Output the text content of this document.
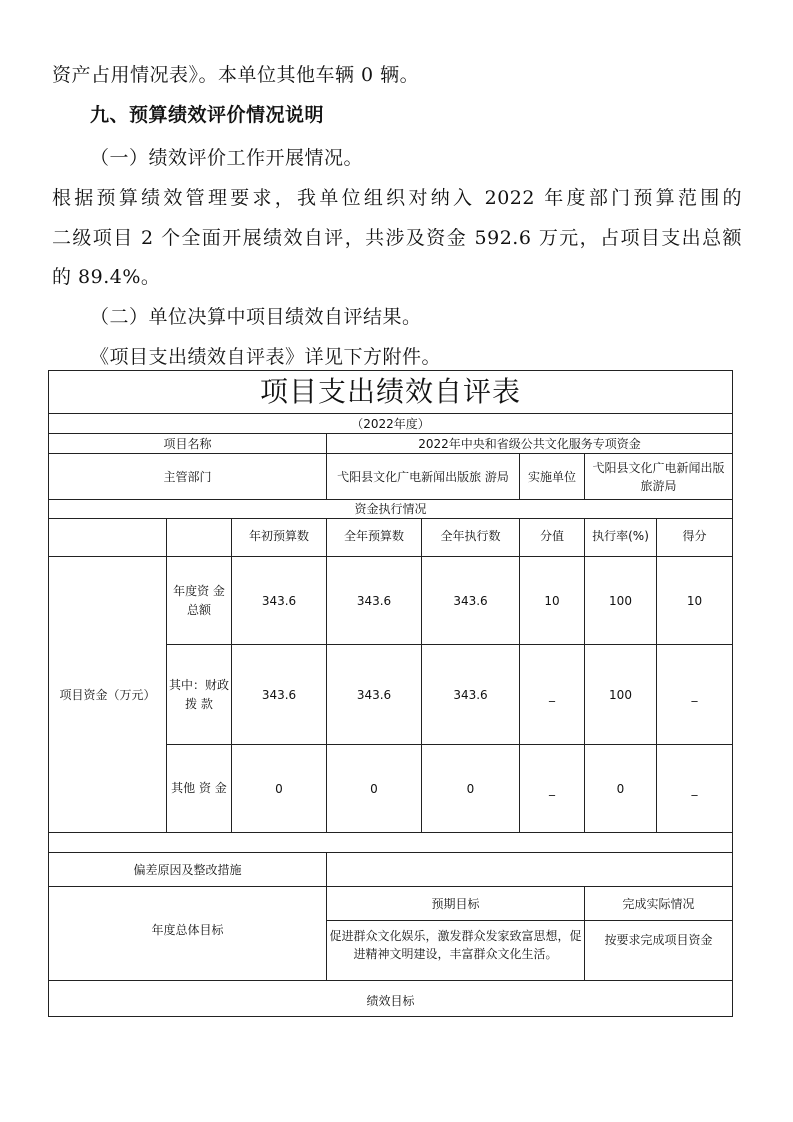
资产占用情况表》。本单位其他车辆 0 辆。
九、预算绩效评价情况说明
（一）绩效评价工作开展情况。
根据预算绩效管理要求，我单位组织对纳入 2022 年度部门预算范围的
二级项目 2 个全面开展绩效自评，共涉及资金 592.6 万元，占项目支出总额
的 89.4%。
（二）单位决算中项目绩效自评结果。
《项目支出绩效自评表》详见下方附件。
项目支出绩效自评表							
（2022年度）							
项目名称			2022年中央和省级公共文化服务专项资金				
主管部门			弋阳县文化广电新闻出版旅 游局		实施单位	弋阳县文化广电新闻出版旅游局	
资金执行情况							
		年初预算数	全年预算数	全年执行数	分值	执行率(%)	得分
项目资金（万元）	年度资 金总额	343.6	343.6	343.6	10	100	10
	其中：财政拨 款	343.6	343.6	343.6	_	100	_
	其他 资 金	0	0	0	_	0	_

偏差原因及整改措施							
年度总体目标			预期目标			完成实际情况	
			促进群众文化娱乐，激发群众发家致富思想，促进精神文明建设，丰富群众文化生活。			按要求完成项目资金	
绩效目标							
